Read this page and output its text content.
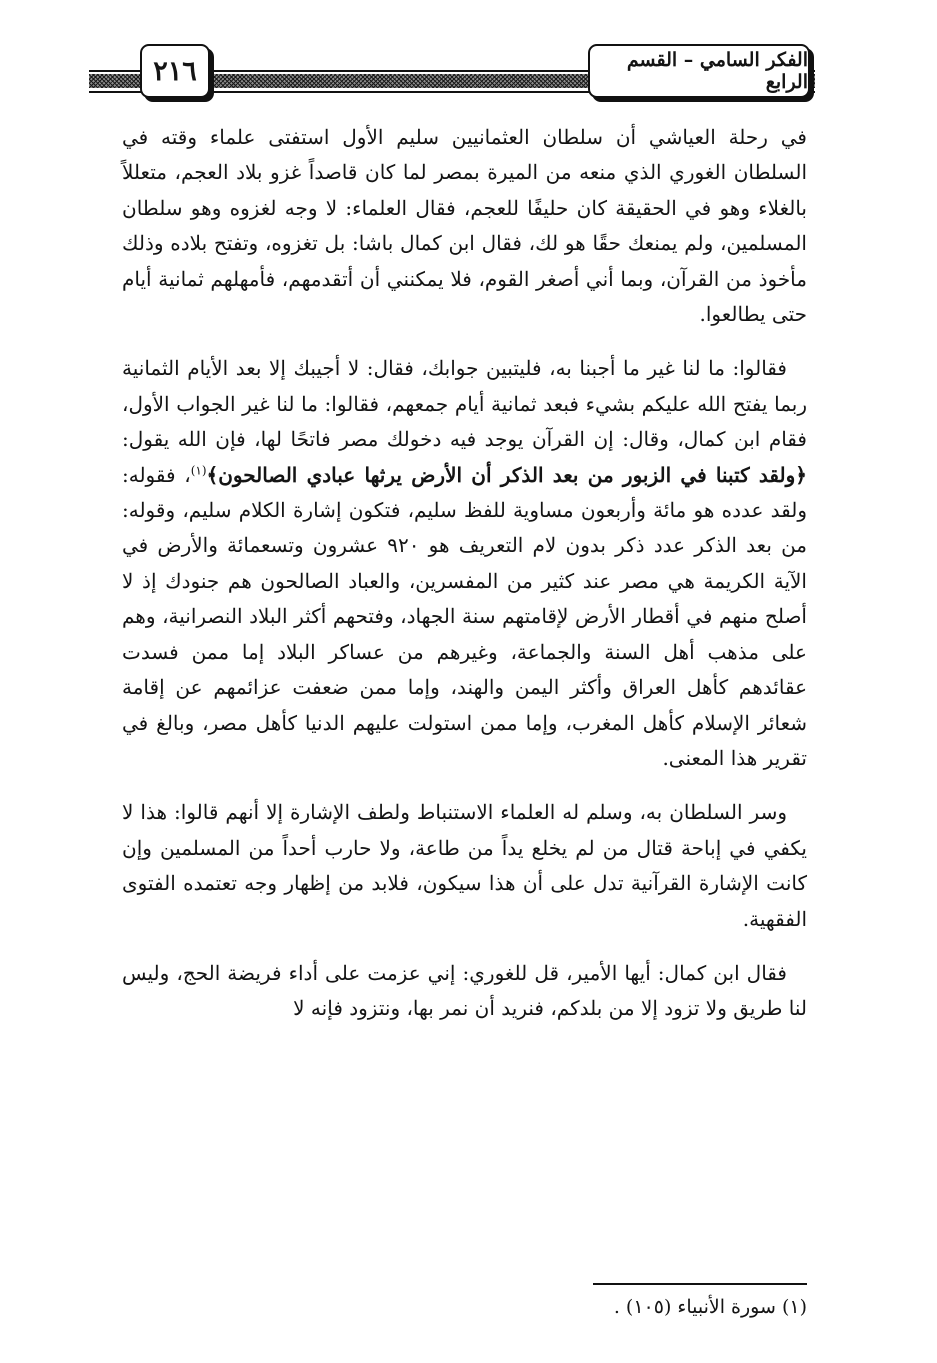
٢١٦	الفكر السامي – القسم الرابع

في رحلة العياشي أن سلطان العثمانيين سليم الأول استفتى علماء وقته في السلطان الغوري الذي منعه من الميرة بمصر لما كان قاصداً غزو بلاد العجم، متعللاً بالغلاء وهو في الحقيقة كان حليفًا للعجم، فقال العلماء: لا وجه لغزوه وهو سلطان المسلمين، ولم يمنعك حقًا هو لك، فقال ابن كمال باشا: بل تغزوه، وتفتح بلاده وذلك مأخوذ من القرآن، وبما أني أصغر القوم، فلا يمكنني أن أتقدمهم، فأمهلهم ثمانية أيام حتى يطالعوا.

فقالوا: ما لنا غير ما أجبنا به، فليتبين جوابك، فقال: لا أجيبك إلا بعد الأيام الثمانية ربما يفتح الله عليكم بشيء فبعد ثمانية أيام جمعهم، فقالوا: ما لنا غير الجواب الأول، فقام ابن كمال، وقال: إن القرآن يوجد فيه دخولك مصر فاتحًا لها، فإن الله يقول: ﴿ولقد كتبنا في الزبور من بعد الذكر أن الأرض يرثها عبادي الصالحون﴾$^{(١)}$، فقوله: ولقد عدده هو مائة وأربعون مساوية للفظ سليم، فتكون إشارة الكلام سليم، وقوله: من بعد الذكر عدد ذكر بدون لام التعريف هو ٩٢٠ عشرون وتسعمائة والأرض في الآية الكريمة هي مصر عند كثير من المفسرين، والعباد الصالحون هم جنودك إذ لا أصلح منهم في أقطار الأرض لإقامتهم سنة الجهاد، وفتحهم أكثر البلاد النصرانية، وهم على مذهب أهل السنة والجماعة، وغيرهم من عساكر البلاد إما ممن فسدت عقائدهم كأهل العراق وأكثر اليمن والهند، وإما ممن ضعفت عزائمهم عن إقامة شعائر الإسلام كأهل المغرب، وإما ممن استولت عليهم الدنيا كأهل مصر، وبالغ في تقرير هذا المعنى.

وسر السلطان به، وسلم له العلماء الاستنباط ولطف الإشارة إلا أنهم قالوا: هذا لا يكفي في إباحة قتال من لم يخلع يداً من طاعة، ولا حارب أحداً من المسلمين وإن كانت الإشارة القرآنية تدل على أن هذا سيكون، فلابد من إظهار وجه تعتمده الفتوى الفقهية.

فقال ابن كمال: أيها الأمير، قل للغوري: إني عزمت على أداء فريضة الحج، وليس لنا طريق ولا تزود إلا من بلدكم، فنريد أن نمر بها، ونتزود فإنه لا

(١) سورة الأنبياء (١٠٥) .
